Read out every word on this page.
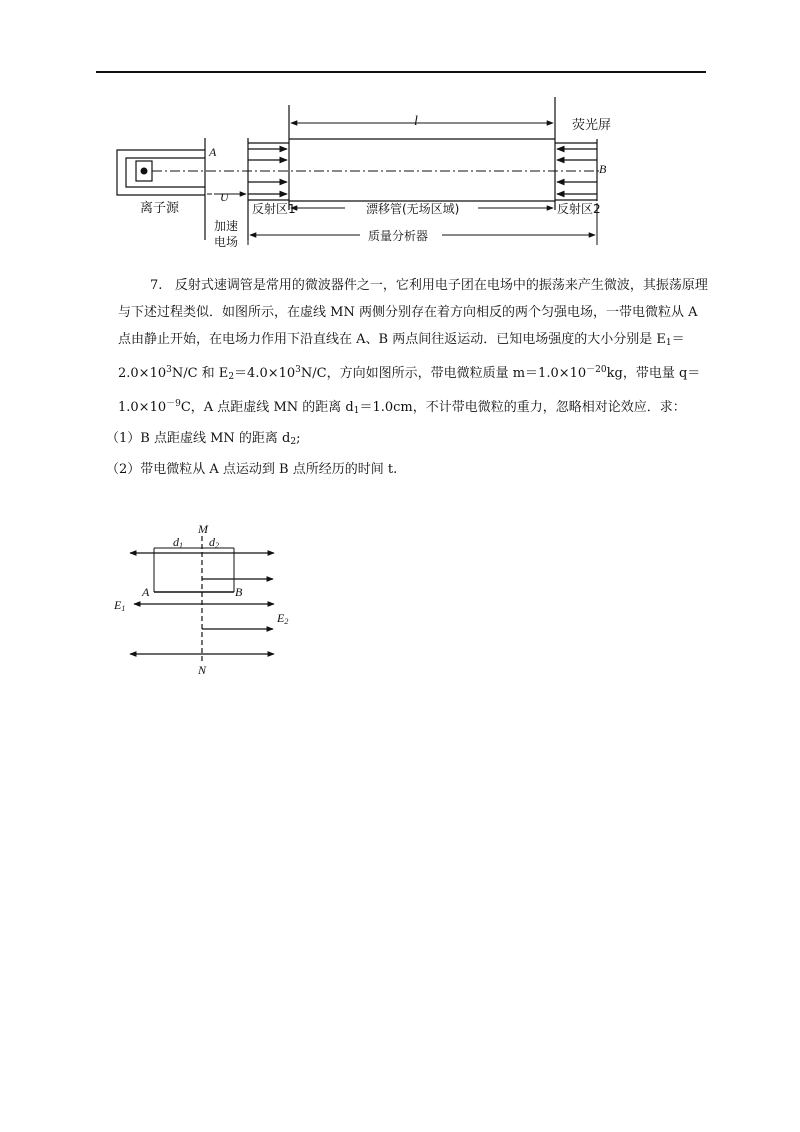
l	荧光屏
A
B
U
离子源	反射区1	漂移管(无场区域)	反射区2
加速
电场	质量分析器

7. 反射式速调管是常用的微波器件之一，它利用电子团在电场中的振荡来产生微波，其振荡原理与下述过程类似．如图所示，在虚线 MN 两侧分别存在着方向相反的两个匀强电场，一带电微粒从 A 点由静止开始，在电场力作用下沿直线在 A、B 两点间往返运动．已知电场强度的大小分别是 $E_1=2.0\times 10^3N/C$ 和 $E_2=4.0\times 10^3N/C$，方向如图所示，带电微粒质量 $m=1.0\times 10^{-20}kg$，带电量 $q=1.0\times 10^{-9}C$，A 点距虚线 MN 的距离 $d_1=1.0cm$，不计带电微粒的重力，忽略相对论效应．求：

（1）B 点距虚线 MN 的距离 $d_2$;

（2）带电微粒从 A 点运动到 B 点所经历的时间 t.

M
N
d1 d2
A	B
E1
E2
